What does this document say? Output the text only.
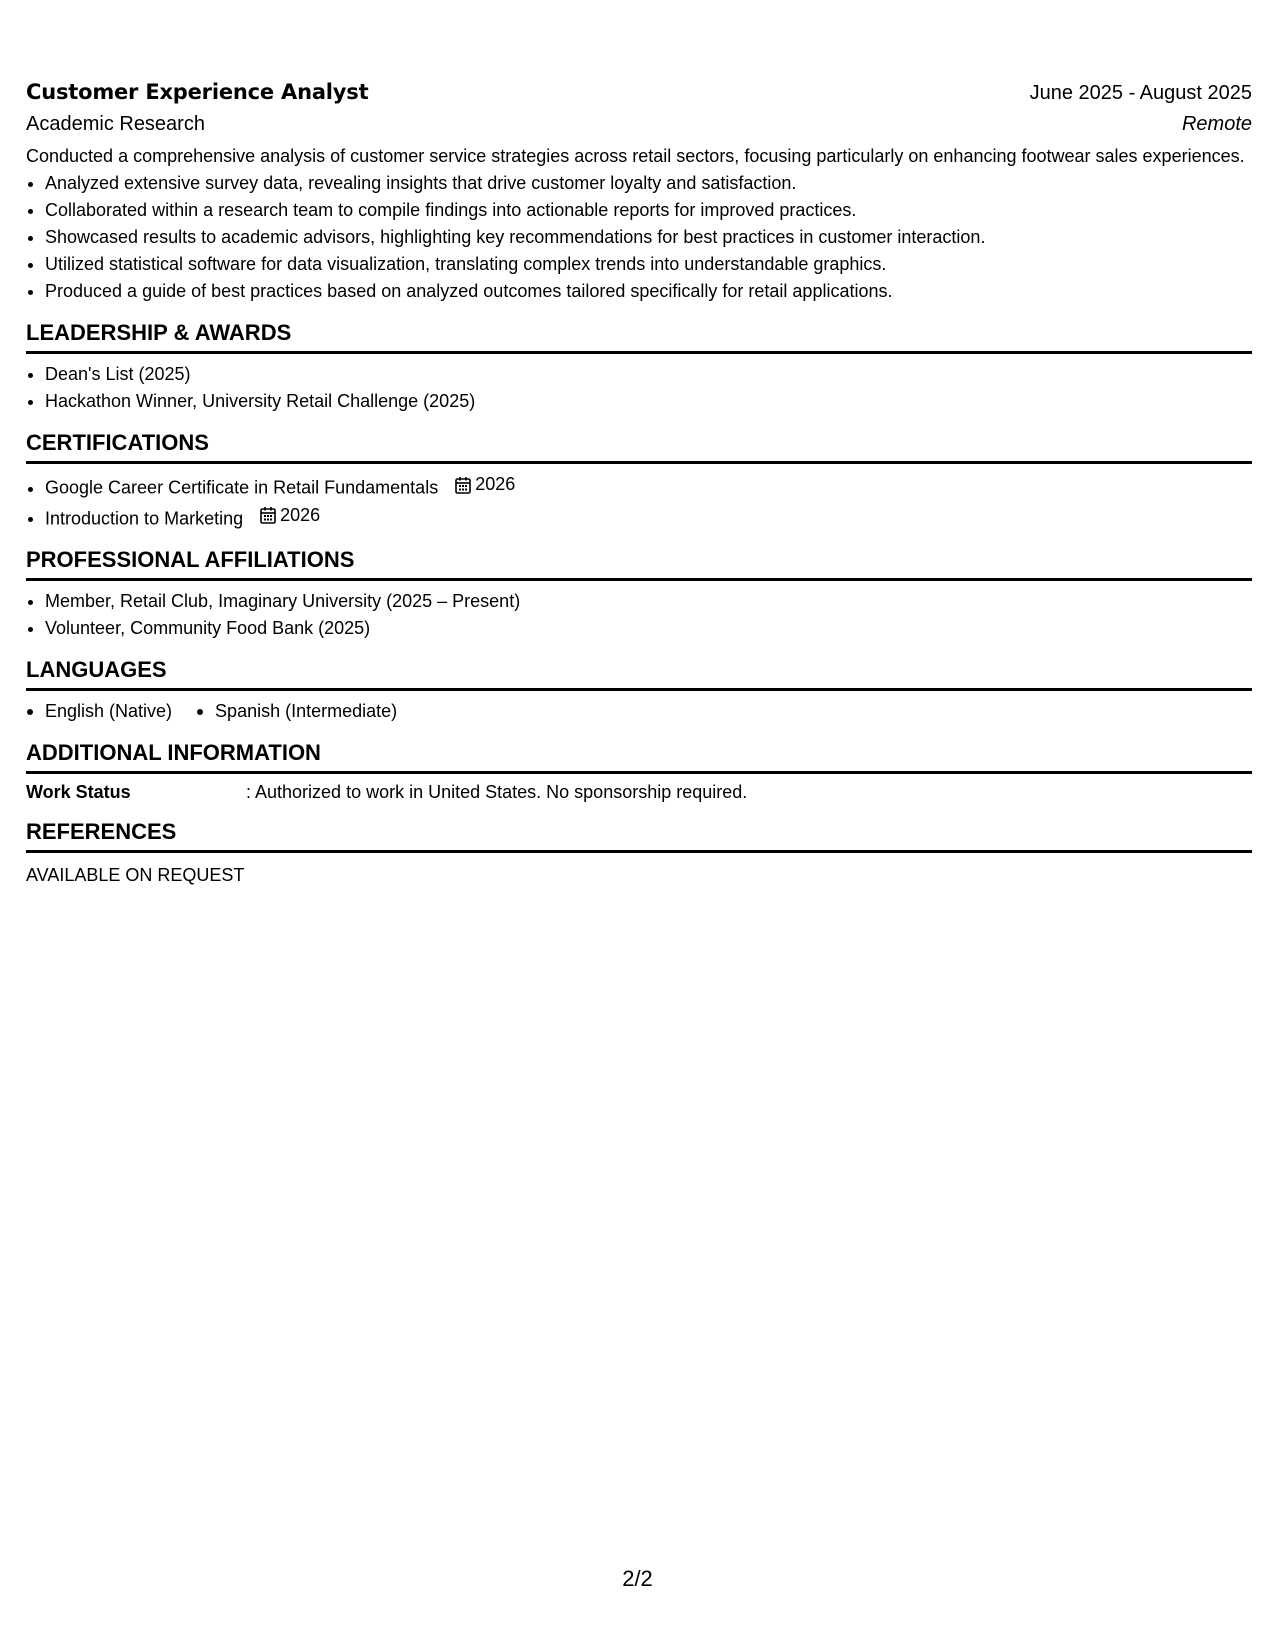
Customer Experience Analyst	June 2025 - August 2025
Academic Research	Remote
Conducted a comprehensive analysis of customer service strategies across retail sectors, focusing particularly on enhancing footwear sales experiences.
• Analyzed extensive survey data, revealing insights that drive customer loyalty and satisfaction.
• Collaborated within a research team to compile findings into actionable reports for improved practices.
• Showcased results to academic advisors, highlighting key recommendations for best practices in customer interaction.
• Utilized statistical software for data visualization, translating complex trends into understandable graphics.
• Produced a guide of best practices based on analyzed outcomes tailored specifically for retail applications.
LEADERSHIP & AWARDS
• Dean's List (2025)
• Hackathon Winner, University Retail Challenge (2025)
CERTIFICATIONS
• Google Career Certificate in Retail Fundamentals 2026
• Introduction to Marketing 2026
PROFESSIONAL AFFILIATIONS
• Member, Retail Club, Imaginary University (2025 – Present)
• Volunteer, Community Food Bank (2025)
LANGUAGES
English (Native)	Spanish (Intermediate)
ADDITIONAL INFORMATION
Work Status	: Authorized to work in United States. No sponsorship required.
REFERENCES
AVAILABLE ON REQUEST
2/2
